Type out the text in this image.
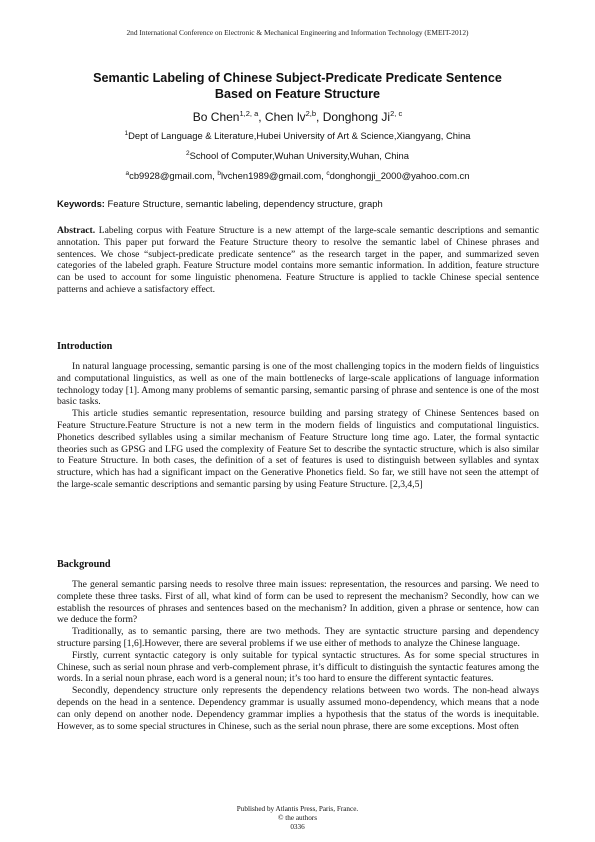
2nd International Conference on Electronic & Mechanical Engineering and Information Technology (EMEIT-2012)
Semantic Labeling of Chinese Subject-Predicate Predicate Sentence
Based on Feature Structure
Bo Chen$^{1,2, a}$, Chen lv$^{2,b}$, Donghong Ji$^{2, c}$
$^1$Dept of Language & Literature,Hubei University of Art & Science,Xiangyang, China
$^2$School of Computer,Wuhan University,Wuhan, China
$^a$cb9928@gmail.com, $^b$lvchen1989@gmail.com, $^c$donghongji_2000@yahoo.com.cn
Keywords: Feature Structure, semantic labeling, dependency structure, graph

Abstract. Labeling corpus with Feature Structure is a new attempt of the large-scale semantic descriptions and semantic annotation. This paper put forward the Feature Structure theory to resolve the semantic label of Chinese phrases and sentences. We chose “subject-predicate predicate sentence” as the research target in the paper, and summarized seven categories of the labeled graph. Feature Structure model contains more semantic information. In addition, feature structure can be used to account for some linguistic phenomena. Feature Structure is applied to tackle Chinese special sentence patterns and achieve a satisfactory effect.

Introduction

In natural language processing, semantic parsing is one of the most challenging topics in the modern fields of linguistics and computational linguistics, as well as one of the main bottlenecks of large-scale applications of language information technology today [1]. Among many problems of semantic parsing, semantic parsing of phrase and sentence is one of the most basic tasks.

This article studies semantic representation, resource building and parsing strategy of Chinese Sentences based on Feature Structure.Feature Structure is not a new term in the modern fields of linguistics and computational linguistics. Phonetics described syllables using a similar mechanism of Feature Structure long time ago. Later, the formal syntactic theories such as GPSG and LFG used the complexity of Feature Set to describe the syntactic structure, which is also similar to Feature Structure. In both cases, the definition of a set of features is used to distinguish between syllables and syntax structure, which has had a significant impact on the Generative Phonetics field. So far, we still have not seen the attempt of the large-scale semantic descriptions and semantic parsing by using Feature Structure. [2,3,4,5]

Background

The general semantic parsing needs to resolve three main issues: representation, the resources and parsing. We need to complete these three tasks. First of all, what kind of form can be used to represent the mechanism? Secondly, how can we establish the resources of phrases and sentences based on the mechanism? In addition, given a phrase or sentence, how can we deduce the form?

Traditionally, as to semantic parsing, there are two methods. They are syntactic structure parsing and dependency structure parsing [1,6].However, there are several problems if we use either of methods to analyze the Chinese language.

Firstly, current syntactic category is only suitable for typical syntactic structures. As for some special structures in Chinese, such as serial noun phrase and verb-complement phrase, it’s difficult to distinguish the syntactic features among the words. In a serial noun phrase, each word is a general noun; it’s too hard to ensure the different syntactic features.

Secondly, dependency structure only represents the dependency relations between two words. The non-head always depends on the head in a sentence. Dependency grammar is usually assumed mono-dependency, which means that a node can only depend on another node. Dependency grammar implies a hypothesis that the status of the words is inequitable. However, as to some special structures in Chinese, such as the serial noun phrase, there are some exceptions. Most often

Published by Atlantis Press, Paris, France.
© the authors
0336
